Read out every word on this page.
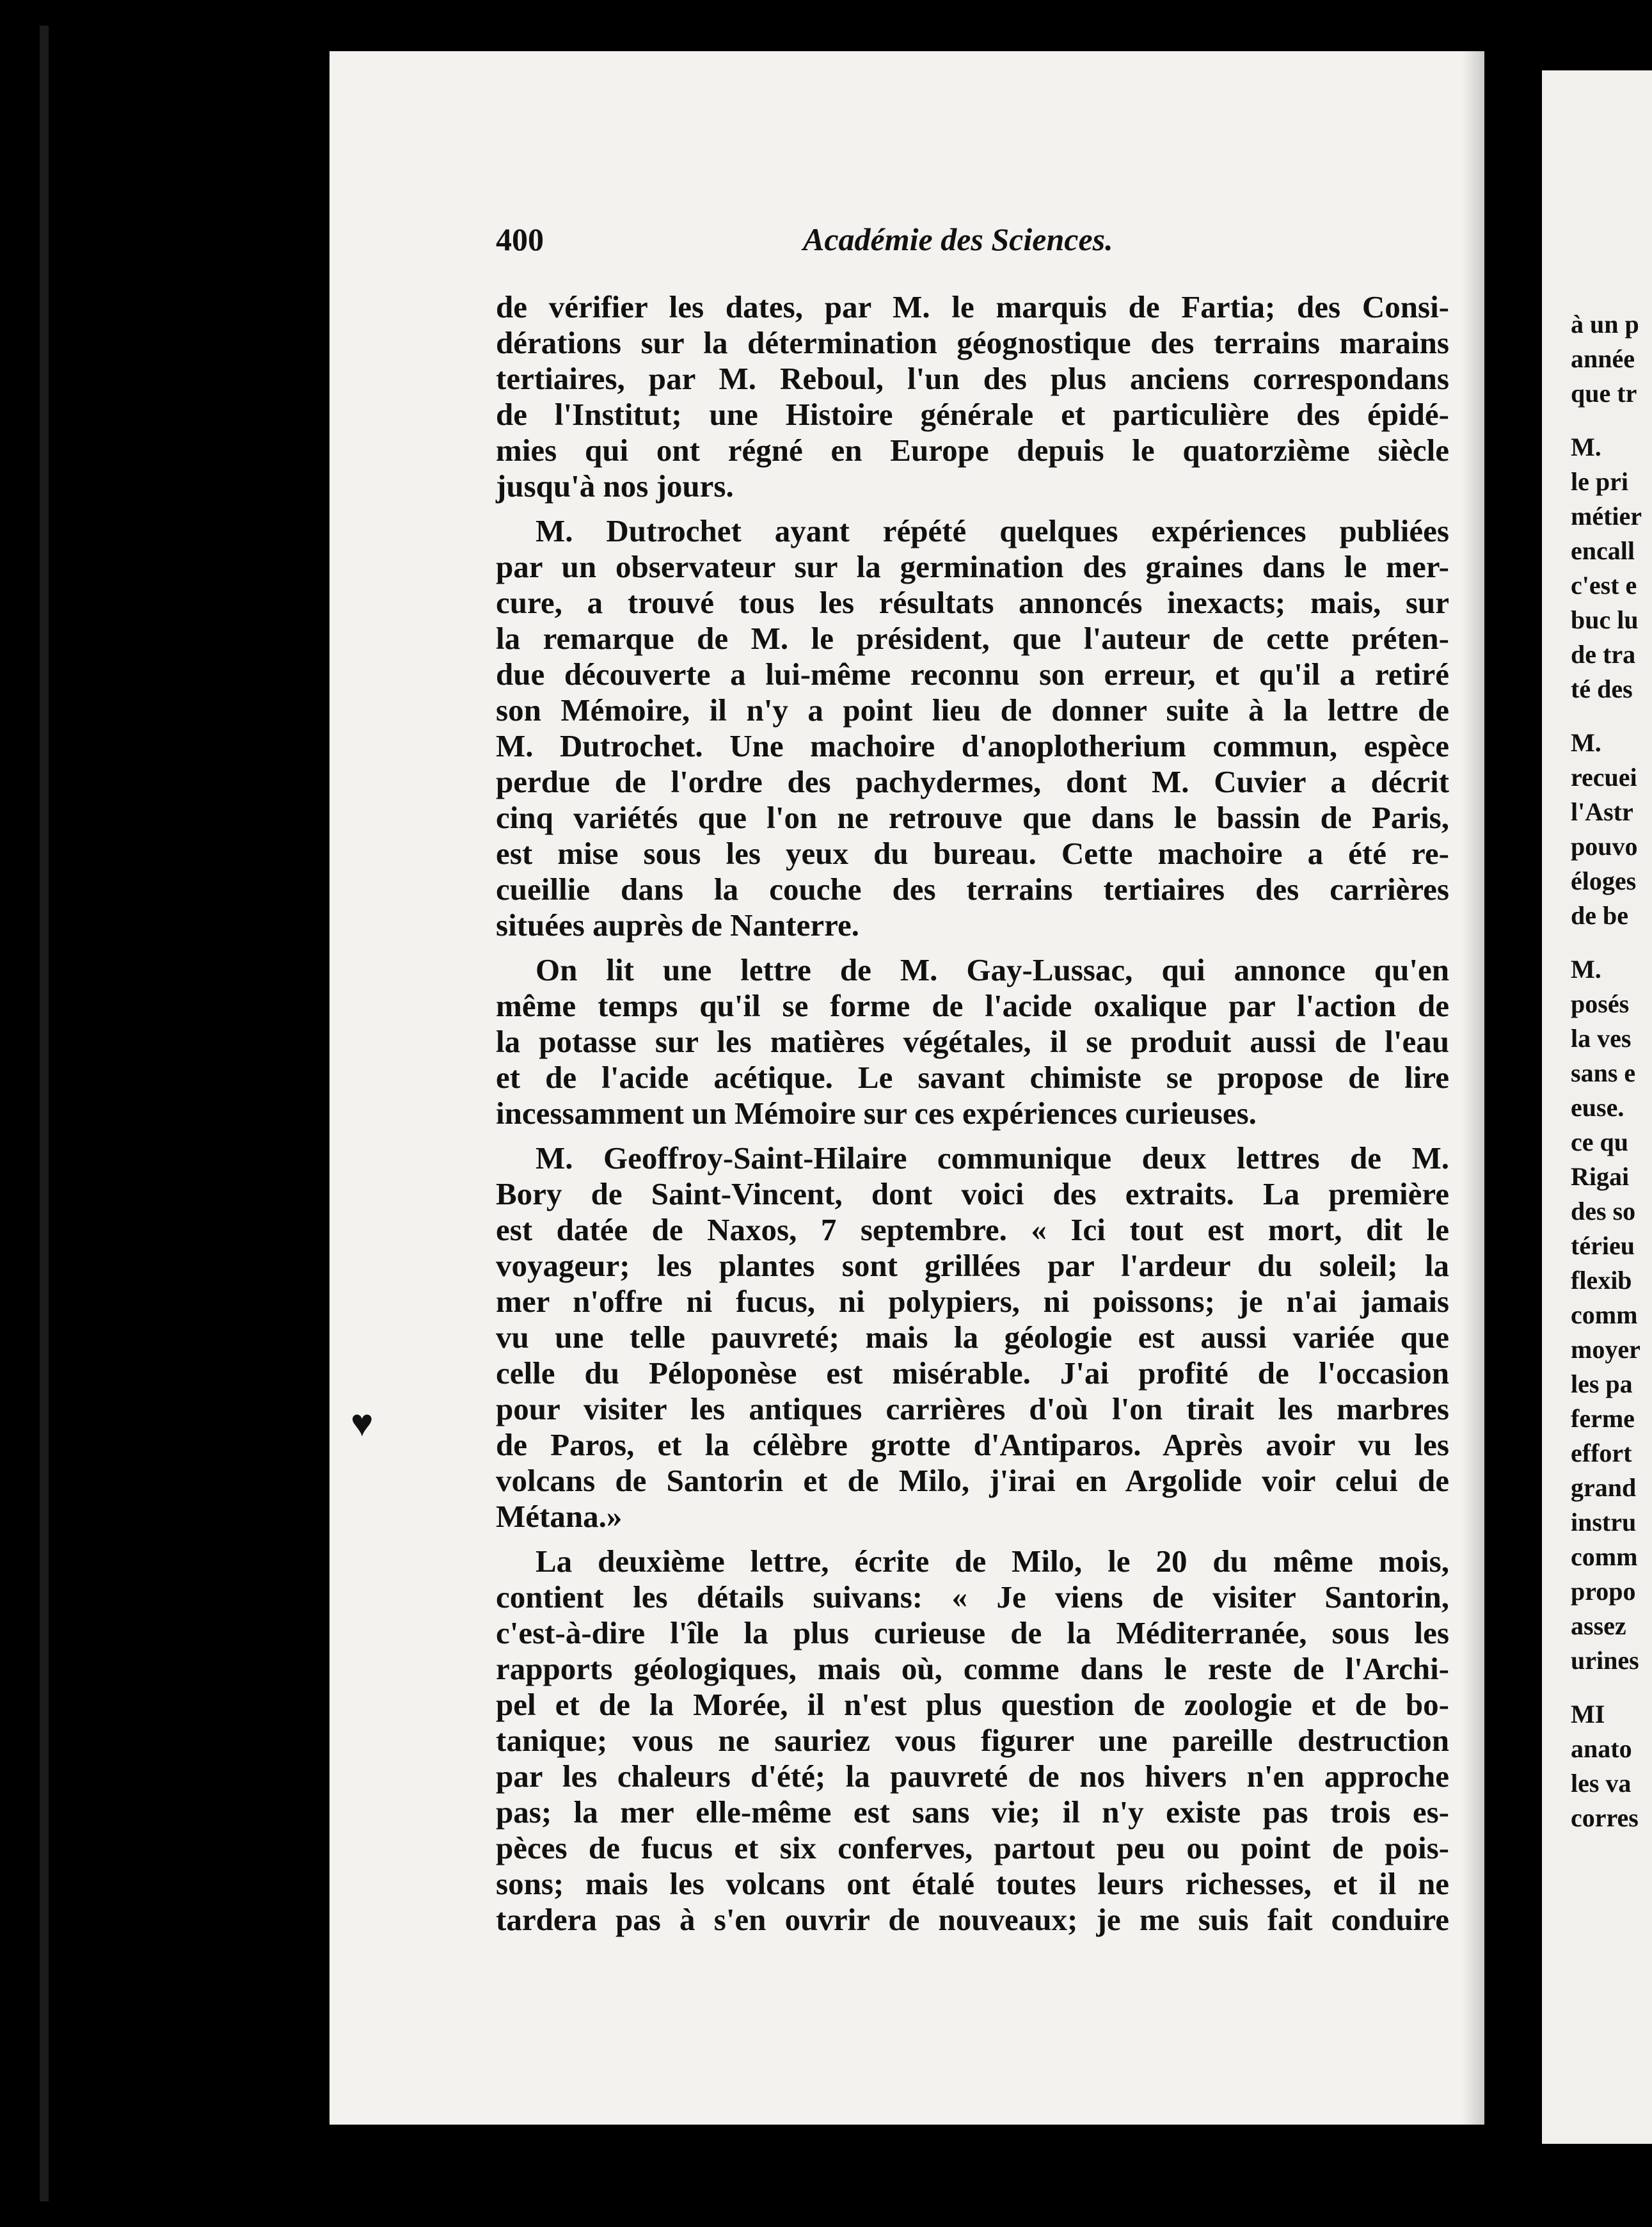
400	Académie des Sciences.
de vérifier les dates, par M. le marquis de Fartia; des Consi-
dérations sur la détermination géognostique des terrains marains
tertiaires, par M. Reboul, l'un des plus anciens correspondans
de l'Institut; une Histoire générale et particulière des épidé-
mies qui ont régné en Europe depuis le quatorzième siècle
jusqu'à nos jours.
M. Dutrochet ayant répété quelques expériences publiées
par un observateur sur la germination des graines dans le mer-
cure, a trouvé tous les résultats annoncés inexacts; mais, sur
la remarque de M. le président, que l'auteur de cette préten-
due découverte a lui-même reconnu son erreur, et qu'il a retiré
son Mémoire, il n'y a point lieu de donner suite à la lettre de
M. Dutrochet. Une machoire d'anoplotherium commun, espèce
perdue de l'ordre des pachydermes, dont M. Cuvier a décrit
cinq variétés que l'on ne retrouve que dans le bassin de Paris,
est mise sous les yeux du bureau. Cette machoire a été re-
cueillie dans la couche des terrains tertiaires des carrières
situées auprès de Nanterre.
On lit une lettre de M. Gay-Lussac, qui annonce qu'en
même temps qu'il se forme de l'acide oxalique par l'action de
la potasse sur les matières végétales, il se produit aussi de l'eau
et de l'acide acétique. Le savant chimiste se propose de lire
incessamment un Mémoire sur ces expériences curieuses.
M. Geoffroy-Saint-Hilaire communique deux lettres de M.
Bory de Saint-Vincent, dont voici des extraits. La première
est datée de Naxos, 7 septembre. « Ici tout est mort, dit le
voyageur; les plantes sont grillées par l'ardeur du soleil; la
mer n'offre ni fucus, ni polypiers, ni poissons; je n'ai jamais
vu une telle pauvreté; mais la géologie est aussi variée que
celle du Péloponèse est misérable. J'ai profité de l'occasion
pour visiter les antiques carrières d'où l'on tirait les marbres
de Paros, et la célèbre grotte d'Antiparos. Après avoir vu les
volcans de Santorin et de Milo, j'irai en Argolide voir celui de
Métana.»
La deuxième lettre, écrite de Milo, le 20 du même mois,
contient les détails suivans: « Je viens de visiter Santorin,
c'est-à-dire l'île la plus curieuse de la Méditerranée, sous les
rapports géologiques, mais où, comme dans le reste de l'Archi-
pel et de la Morée, il n'est plus question de zoologie et de bo-
tanique; vous ne sauriez vous figurer une pareille destruction
par les chaleurs d'été; la pauvreté de nos hivers n'en approche
pas; la mer elle-même est sans vie; il n'y existe pas trois es-
pèces de fucus et six conferves, partout peu ou point de pois-
sons; mais les volcans ont étalé toutes leurs richesses, et il ne
tardera pas à s'en ouvrir de nouveaux; je me suis fait conduire
à un p
année
que tr
M.
le pri
métier
encall
c'est e
buc lu
de tra
té des
M.
recuei
l'Astr
pouvo
éloges
de be
M.
posés
la ves
sans e
euse.
ce qu
Rigai
des so
térieu
flexib
comm
moyer
les pa
ferme
effort
grand
instru
comm
propo
assez
urines
MI
anato
les va
corres
♥
